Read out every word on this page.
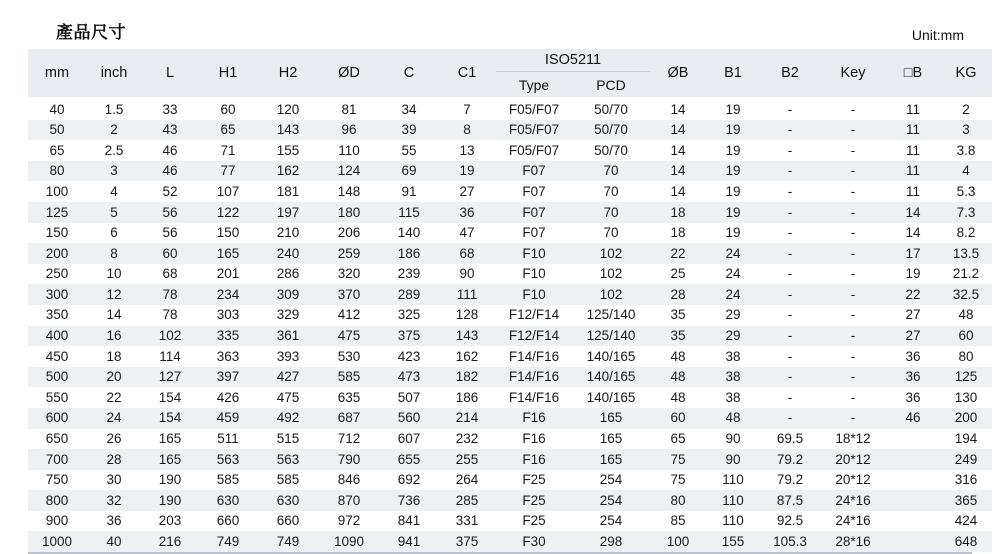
產品尺寸	Unit:mm
mm	inch	L	H1	H2	ØD	C	C1	ISO5211		ØB	B1	B2	Key	□B	KG
								Type	PCD						
40	1.5	33	60	120	81	34	7	F05/F07	50/70	14	19	-	-	11	2
50	2	43	65	143	96	39	8	F05/F07	50/70	14	19	-	-	11	3
65	2.5	46	71	155	110	55	13	F05/F07	50/70	14	19	-	-	11	3.8
80	3	46	77	162	124	69	19	F07	70	14	19	-	-	11	4
100	4	52	107	181	148	91	27	F07	70	14	19	-	-	11	5.3
125	5	56	122	197	180	115	36	F07	70	18	19	-	-	14	7.3
150	6	56	150	210	206	140	47	F07	70	18	19	-	-	14	8.2
200	8	60	165	240	259	186	68	F10	102	22	24	-	-	17	13.5
250	10	68	201	286	320	239	90	F10	102	25	24	-	-	19	21.2
300	12	78	234	309	370	289	111	F10	102	28	24	-	-	22	32.5
350	14	78	303	329	412	325	128	F12/F14	125/140	35	29	-	-	27	48
400	16	102	335	361	475	375	143	F12/F14	125/140	35	29	-	-	27	60
450	18	114	363	393	530	423	162	F14/F16	140/165	48	38	-	-	36	80
500	20	127	397	427	585	473	182	F14/F16	140/165	48	38	-	-	36	125
550	22	154	426	475	635	507	186	F14/F16	140/165	48	38	-	-	36	130
600	24	154	459	492	687	560	214	F16	165	60	48	-	-	46	200
650	26	165	511	515	712	607	232	F16	165	65	90	69.5	18*12		194
700	28	165	563	563	790	655	255	F16	165	75	90	79.2	20*12		249
750	30	190	585	585	846	692	264	F25	254	75	110	79.2	20*12		316
800	32	190	630	630	870	736	285	F25	254	80	110	87.5	24*16		365
900	36	203	660	660	972	841	331	F25	254	85	110	92.5	24*16		424
1000	40	216	749	749	1090	941	375	F30	298	100	155	105.3	28*16		648
